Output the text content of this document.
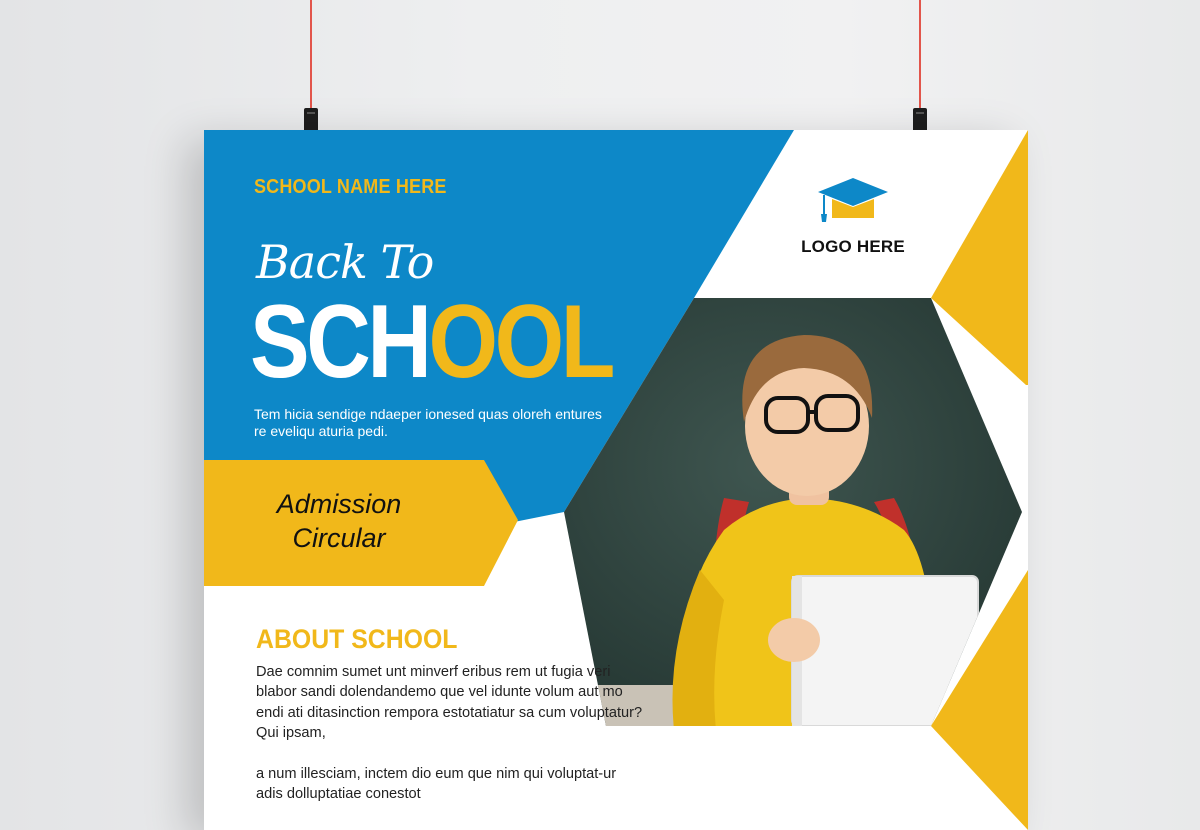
SCHOOL NAME HERE
Back To
SCHOOL
Tem hicia sendige ndaeper ionesed quas oloreh entures re eveliqu aturia pedi.
Admission
Circular
LOGO HERE
ABOUT SCHOOL

Dae comnim sumet unt minverf eribus rem ut fugia veri blabor sandi dolendandemo que vel idunte volum aut mo endi ati ditasinction rempora estotatiatur sa cum voluptatur? Qui ipsam,

a num illesciam, inctem dio eum que nim qui voluptat-ur adis dolluptatiae conestot
